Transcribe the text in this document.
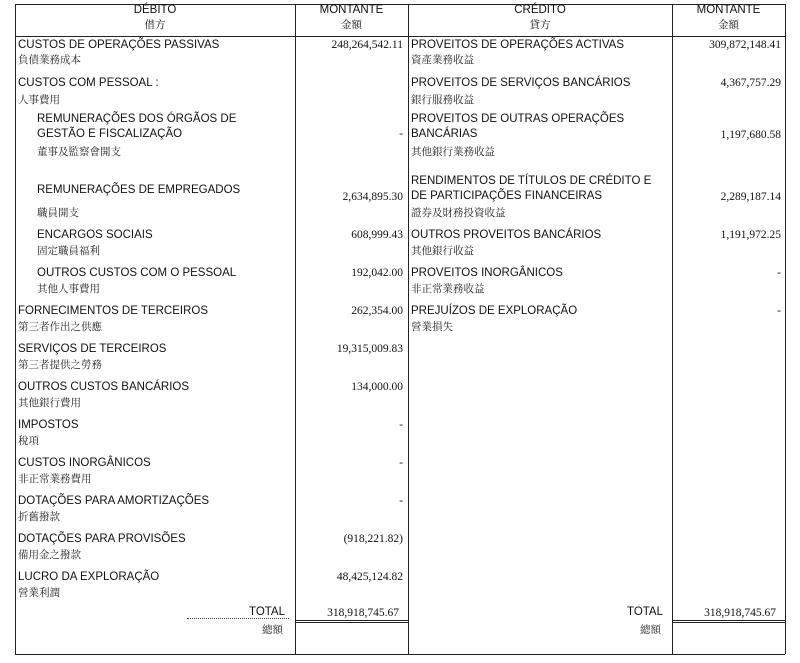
DÉBITO
借方
MONTANTE
金額
CRÉDITO
貸方
MONTANTE
金額
CUSTOS DE OPERAÇÕES PASSIVAS
負債業務成本
248,264,542.11
CUSTOS COM PESSOAL :
人事費用
REMUNERAÇÕES DOS ÓRGÃOS DE
GESTÃO E FISCALIZAÇÃO
董事及監察會開支
-
REMUNERAÇÕES DE EMPREGADOS
職員開支
2,634,895.30
ENCARGOS SOCIAIS
固定職員福利
608,999.43
OUTROS CUSTOS COM O PESSOAL
其他人事費用
192,042.00
FORNECIMENTOS DE TERCEIROS
第三者作出之供應
262,354.00
SERVIÇOS DE TERCEIROS
第三者提供之勞務
19,315,009.83
OUTROS CUSTOS BANCÁRIOS
其他銀行費用
134,000.00
IMPOSTOS
稅項
-
CUSTOS INORGÂNICOS
非正常業務費用
-
DOTAÇÕES PARA AMORTIZAÇÕES
折舊撥款
-
DOTAÇÕES PARA PROVISÕES
備用金之撥款
(918,221.82)
LUCRO DA EXPLORAÇÃO
營業利潤
48,425,124.82
PROVEITOS DE OPERAÇÕES ACTIVAS
資產業務收益
309,872,148.41
PROVEITOS DE SERVIÇOS BANCÁRIOS
銀行服務收益
4,367,757.29
PROVEITOS DE OUTRAS OPERAÇÕES
BANCÁRIAS
其他銀行業務收益
1,197,680.58
RENDIMENTOS DE TÍTULOS DE CRÉDITO E
DE PARTICIPAÇÕES FINANCEIRAS
證券及財務投資收益
2,289,187.14
OUTROS PROVEITOS BANCÁRIOS
其他銀行收益
1,191,972.25
PROVEITOS INORGÂNICOS
非正常業務收益
-
PREJUÍZOS DE EXPLORAÇÃO
營業損失
-
TOTAL
總額
318,918,745.67	TOTAL
總額
318,918,745.67
